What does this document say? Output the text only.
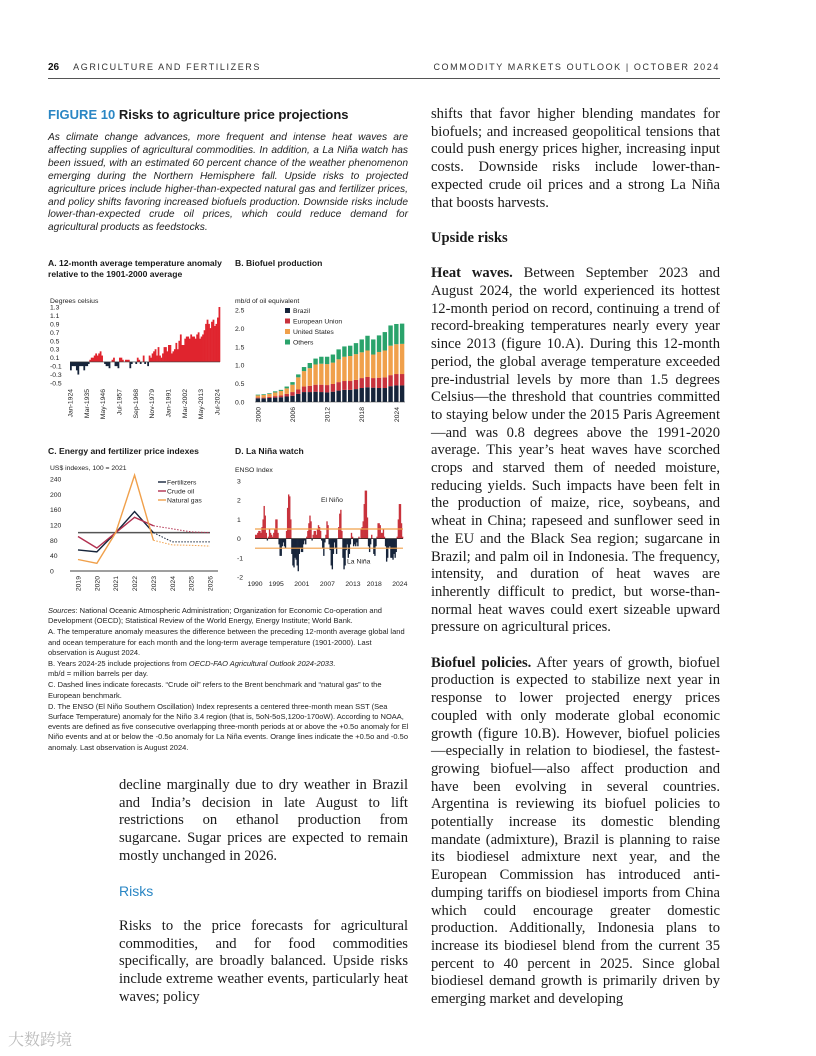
26 AGRICULTURE AND FERTILIZERS	COMMODITY MARKETS OUTLOOK | OCTOBER 2024
FIGURE 10 Risks to agriculture price projections
As climate change advances, more frequent and intense heat waves are affecting supplies of agricultural commodities. In addition, a La Niña watch has been issued, with an estimated 60 percent chance of the weather phenomenon emerging during the Northern Hemisphere fall. Upside risks to projected agriculture prices include higher-than-expected natural gas and fertilizer prices, and policy shifts favoring increased biofuels production. Downside risks include lower-than-expected crude oil prices, which could reduce demand for agricultural products as feedstocks.
A. 12-month average temperature anomaly relative to the 1901-2000 average
B. Biofuel production
C. Energy and fertilizer price indexes	D. La Niña watch
Degrees celsius
1.3
1.1
0.9
0.7
0.5
0.3
0.1
-0.1
-0.3
-0.5
Jan-1924 Mar-1935 May-1946 Jul-1957 Sep-1968 Nov-1979 Jan-1991 Mar-2002 May-2013 Jul-2024
mb/d of oil equivalent
2.5
2.0
1.5
1.0
0.5
0.0
2000	2006	2012	2018	2024
Brazil
European Union
United States
Others
US$ indexes, 100 = 2021
240
200
160
120
80
40
0
2019 2020 2021 2022 2023 2024 2025 2026
Fertilizers
Crude oil
Natural gas
ENSO Index
3
2
1
0
-1
-2
1990 1995 2001 2007 2013 2018 2024
El Niño
La Niña

Sources: National Oceanic Atmospheric Administration; Organization for Economic Co-operation and Development (OECD); Statistical Review of the World Energy, Energy Institute; World Bank.

A. The temperature anomaly measures the difference between the preceding 12-month average global land and ocean temperature for each month and the long-term average temperature (1901-2000). Last observation is August 2024.

B. Years 2024-25 include projections from OECD-FAO Agricultural Outlook 2024-2033.
mb/d = million barrels per day.

C. Dashed lines indicate forecasts. “Crude oil” refers to the Brent benchmark and “natural gas” to the European benchmark.

D. The ENSO (El Niño Southern Oscillation) Index represents a centered three-month mean SST (Sea Surface Temperature) anomaly for the Niño 3.4 region (that is, 5oN-5oS,120o-170oW). According to NOAA, events are defined as five consecutive overlapping three-month periods at or above the +0.5o anomaly for El Niño events and at or below the -0.5o anomaly for La Niña events. Orange lines indicate the +0.5o and -0.5o anomaly. Last observation is August 2024.

decline marginally due to dry weather in Brazil and India’s decision in late August to lift restrictions on ethanol production from sugarcane. Sugar prices are expected to remain mostly unchanged in 2026.

Risks

Risks to the price forecasts for agricultural commodities, and for food commodities specifically, are broadly balanced. Upside risks include extreme weather events, particularly heat waves; policy

shifts that favor higher blending mandates for biofuels; and increased geopolitical tensions that could push energy prices higher, increasing input costs. Downside risks include lower-than-expected crude oil prices and a strong La Niña that boosts harvests.

Upside risks

Heat waves. Between September 2023 and August 2024, the world experienced its hottest 12-month period on record, continuing a trend of record-breaking temperatures nearly every year since 2013 (figure 10.A). During this 12-month period, the global average temperature exceeded pre-industrial levels by more than 1.5 degrees Celsius—the threshold that countries committed to staying below under the 2015 Paris Agreement—and was 0.8 degrees above the 1991-2020 average. This year’s heat waves have scorched crops and starved them of needed moisture, reducing yields. Such impacts have been felt in the production of maize, rice, soybeans, and wheat in China; rapeseed and sunflower seed in the EU and the Black Sea region; sugarcane in Brazil; and palm oil in Indonesia. The frequency, intensity, and duration of heat waves are inherently difficult to predict, but worse-than-normal heat waves could exert sizeable upward pressure on agricultural prices.

Biofuel policies. After years of growth, biofuel production is expected to stabilize next year in response to lower projected energy prices coupled with only moderate global economic growth (figure 10.B). However, biofuel policies—especially in relation to biodiesel, the fastest-growing biofuel—also affect production and have been evolving in several countries. Argentina is reviewing its biofuel policies to potentially increase its domestic blending mandate (admixture), Brazil is planning to raise its biodiesel admixture next year, and the European Commission has introduced anti-dumping tariffs on biodiesel imports from China which could encourage greater domestic production. Additionally, Indonesia plans to increase its biodiesel blend from the current 35 percent to 40 percent in 2025. Since global biodiesel demand growth is primarily driven by emerging market and developing

大数跨境
